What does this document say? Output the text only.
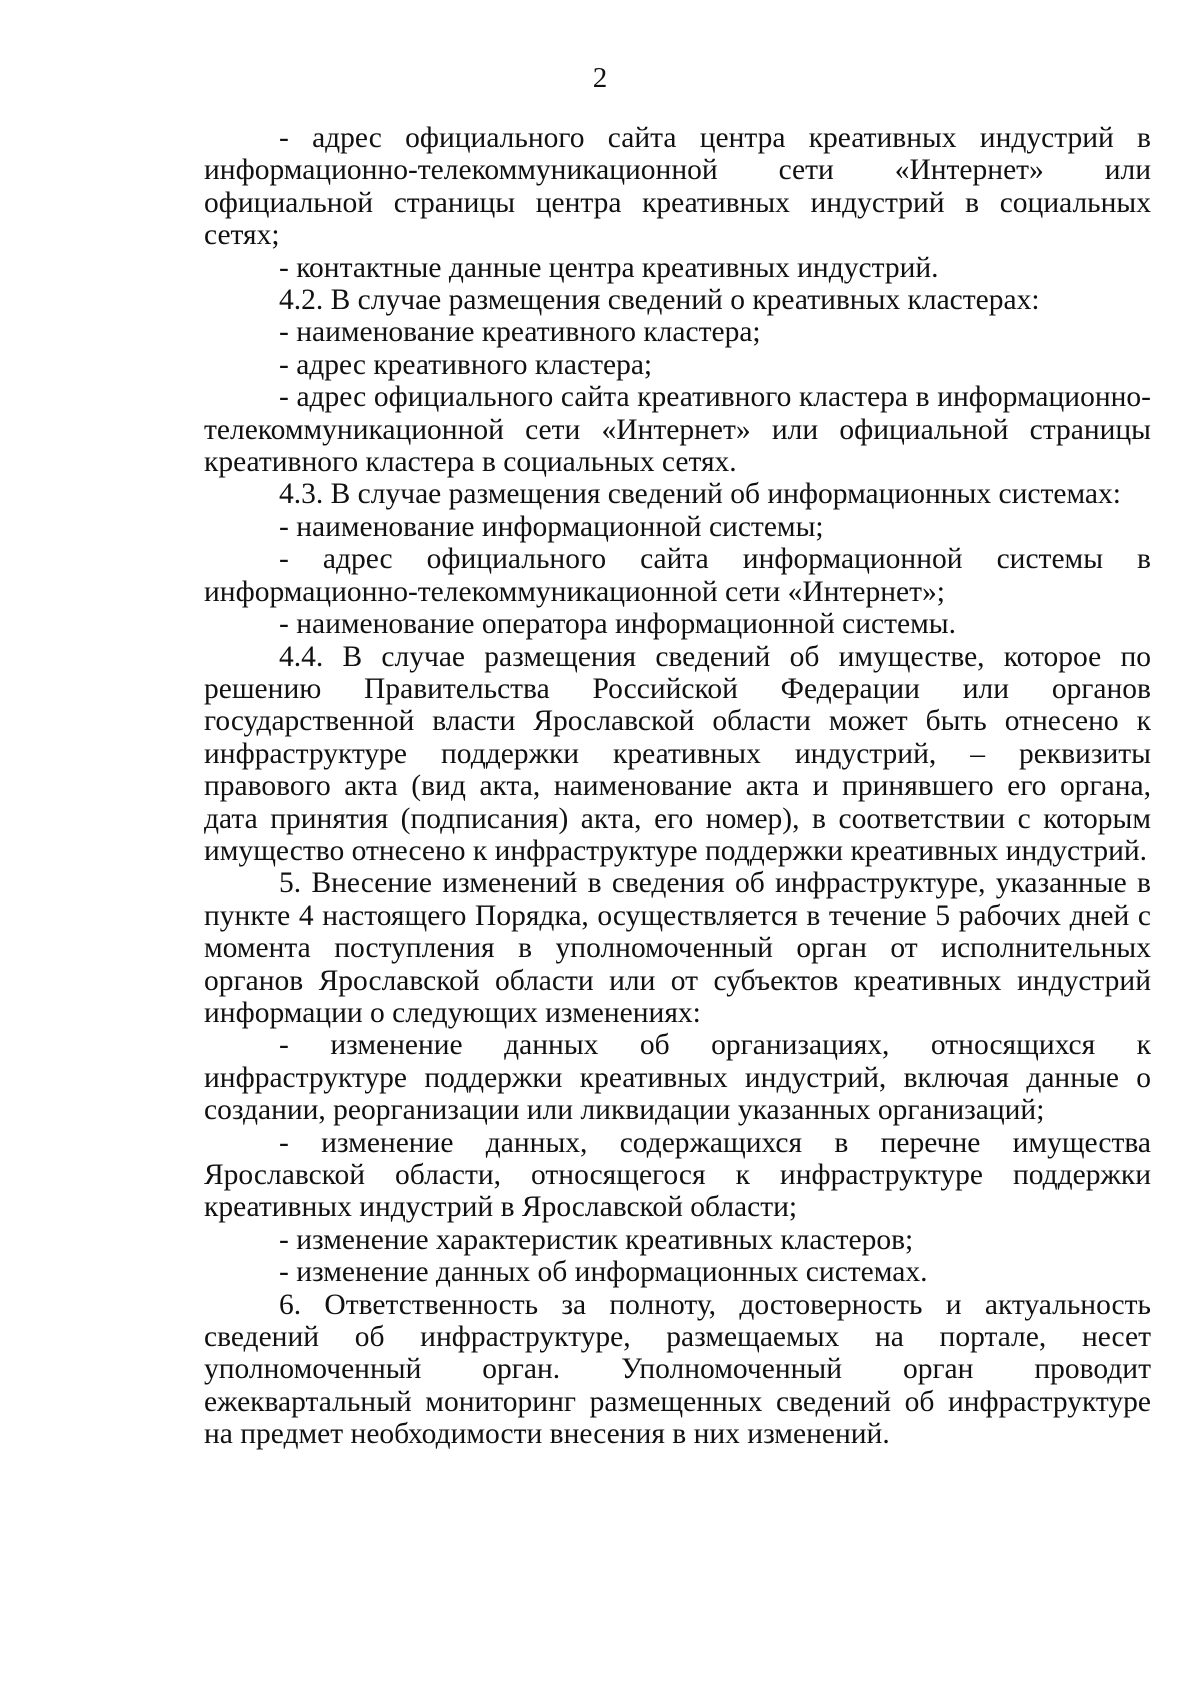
2

- адрес официального сайта центра креативных индустрий в информационно-телекоммуникационной сети «Интернет» или официальной страницы центра креативных индустрий в социальных сетях;

- контактные данные центра креативных индустрий.

4.2. В случае размещения сведений о креативных кластерах:

- наименование креативного кластера;

- адрес креативного кластера;

- адрес официального сайта креативного кластера в информационно-телекоммуникационной сети «Интернет» или официальной страницы креативного кластера в социальных сетях.

4.3. В случае размещения сведений об информационных системах:

- наименование информационной системы;

- адрес официального сайта информационной системы в информационно-телекоммуникационной сети «Интернет»;

- наименование оператора информационной системы.

4.4. В случае размещения сведений об имуществе, которое по решению Правительства Российской Федерации или органов государственной власти Ярославской области может быть отнесено к инфраструктуре поддержки креативных индустрий, – реквизиты правового акта (вид акта, наименование акта и принявшего его органа, дата принятия (подписания) акта, его номер), в соответствии с которым имущество отнесено к инфраструктуре поддержки креативных индустрий.

5. Внесение изменений в сведения об инфраструктуре, указанные в пункте 4 настоящего Порядка, осуществляется в течение 5 рабочих дней с момента поступления в уполномоченный орган от исполнительных органов Ярославской области или от субъектов креативных индустрий информации о следующих изменениях:

- изменение данных об организациях, относящихся к инфраструктуре поддержки креативных индустрий, включая данные о создании, реорганизации или ликвидации указанных организаций;

- изменение данных, содержащихся в перечне имущества Ярославской области, относящегося к инфраструктуре поддержки креативных индустрий в Ярославской области;

- изменение характеристик креативных кластеров;

- изменение данных об информационных системах.

6. Ответственность за полноту, достоверность и актуальность сведений об инфраструктуре, размещаемых на портале, несет уполномоченный орган. Уполномоченный орган проводит ежеквартальный мониторинг размещенных сведений об инфраструктуре на предмет необходимости внесения в них изменений.
